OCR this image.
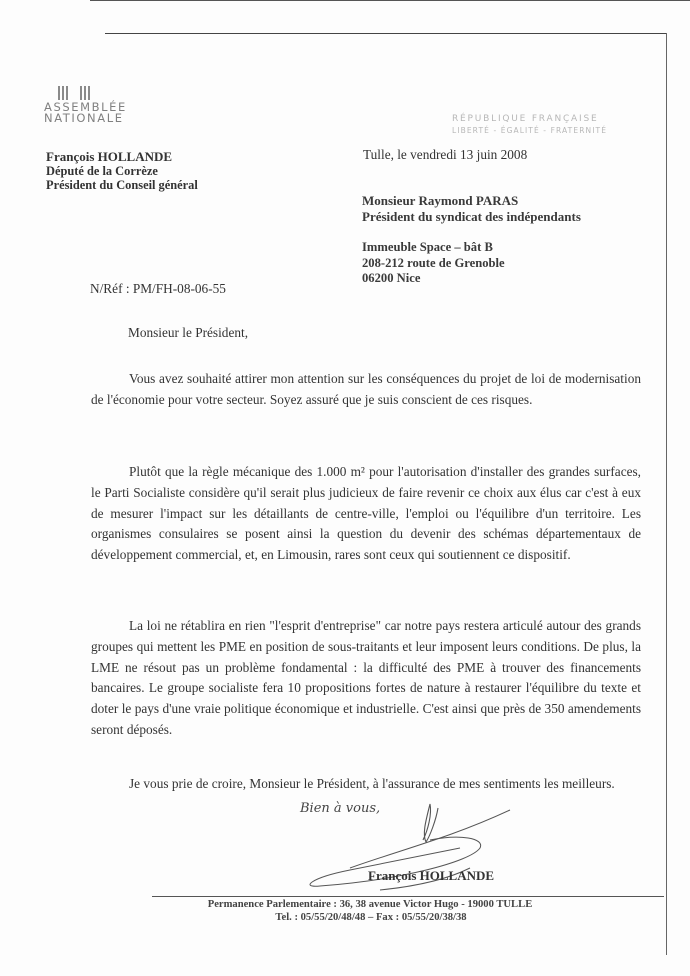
ASSEMBLÉE
NATIONALE
François HOLLANDE
Député de la Corrèze
Président du Conseil général
RÉPUBLIQUE FRANÇAISE
LIBERTÉ - ÉGALITÉ - FRATERNITÉ
Tulle, le vendredi 13 juin 2008
Monsieur Raymond PARAS
Président du syndicat des indépendants
Immeuble Space – bât B
208-212 route de Grenoble
06200 Nice
N/Réf : PM/FH-08-06-55
Monsieur le Président,

Vous avez souhaité attirer mon attention sur les conséquences du projet de loi de modernisation de l'économie pour votre secteur. Soyez assuré que je suis conscient de ces risques.

Plutôt que la règle mécanique des 1.000 m² pour l'autorisation d'installer des grandes surfaces, le Parti Socialiste considère qu'il serait plus judicieux de faire revenir ce choix aux élus car c'est à eux de mesurer l'impact sur les détaillants de centre-ville, l'emploi ou l'équilibre d'un territoire. Les organismes consulaires se posent ainsi la question du devenir des schémas départementaux de développement commercial, et, en Limousin, rares sont ceux qui soutiennent ce dispositif.

La loi ne rétablira en rien "l'esprit d'entreprise" car notre pays restera articulé autour des grands groupes qui mettent les PME en position de sous-traitants et leur imposent leurs conditions. De plus, la LME ne résout pas un problème fondamental : la difficulté des PME à trouver des financements bancaires. Le groupe socialiste fera 10 propositions fortes de nature à restaurer l'équilibre du texte et doter le pays d'une vraie politique économique et industrielle. C'est ainsi que près de 350 amendements seront déposés.

Je vous prie de croire, Monsieur le Président, à l'assurance de mes sentiments les meilleurs.

Bien à vous,
François HOLLANDE
Permanence Parlementaire : 36, 38 avenue Victor Hugo - 19000 TULLE
Tel. : 05/55/20/48/48 – Fax : 05/55/20/38/38
